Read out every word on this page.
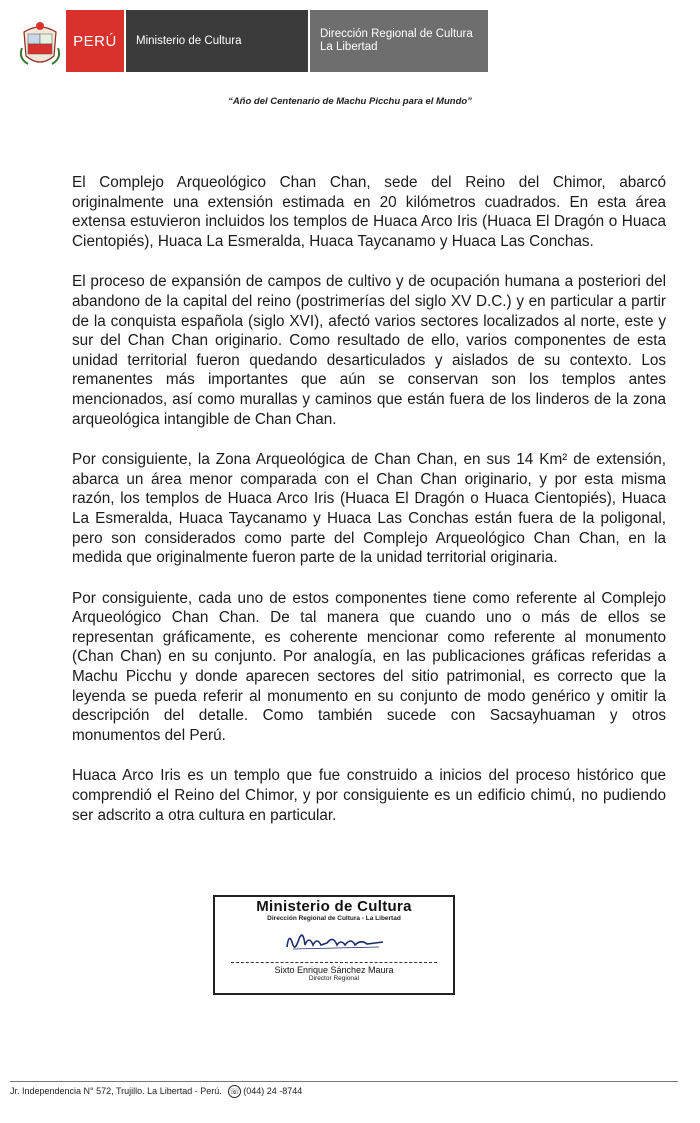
PERÚ Ministerio de Cultura
Dirección Regional de Cultura
La Libertad
“Año del Centenario de Machu Picchu para el Mundo”

El Complejo Arqueológico Chan Chan, sede del Reino del Chimor, abarcó originalmente una extensión estimada en 20 kilómetros cuadrados. En esta área extensa estuvieron incluidos los templos de Huaca Arco Iris (Huaca El Dragón o Huaca Cientopiés), Huaca La Esmeralda, Huaca Taycanamo y Huaca Las Conchas.

El proceso de expansión de campos de cultivo y de ocupación humana a posteriori del abandono de la capital del reino (postrimerías del siglo XV D.C.) y en particular a partir de la conquista española (siglo XVI), afectó varios sectores localizados al norte, este y sur del Chan Chan originario. Como resultado de ello, varios componentes de esta unidad territorial fueron quedando desarticulados y aislados de su contexto. Los remanentes más importantes que aún se conservan son los templos antes mencionados, así como murallas y caminos que están fuera de los linderos de la zona arqueológica intangible de Chan Chan.

Por consiguiente, la Zona Arqueológica de Chan Chan, en sus 14 Km² de extensión, abarca un área menor comparada con el Chan Chan originario, y por esta misma razón, los templos de Huaca Arco Iris (Huaca El Dragón o Huaca Cientopiés), Huaca La Esmeralda, Huaca Taycanamo y Huaca Las Conchas están fuera de la poligonal, pero son considerados como parte del Complejo Arqueológico Chan Chan, en la medida que originalmente fueron parte de la unidad territorial originaria.

Por consiguiente, cada uno de estos componentes tiene como referente al Complejo Arqueológico Chan Chan. De tal manera que cuando uno o más de ellos se representan gráficamente, es coherente mencionar como referente al monumento (Chan Chan) en su conjunto. Por analogía, en las publicaciones gráficas referidas a Machu Picchu y donde aparecen sectores del sitio patrimonial, es correcto que la leyenda se pueda referir al monumento en su conjunto de modo genérico y omitir la descripción del detalle. Como también sucede con Sacsayhuaman y otros monumentos del Perú.

Huaca Arco Iris es un templo que fue construido a inicios del proceso histórico que comprendió el Reino del Chimor, y por consiguiente es un edificio chimú, no pudiendo ser adscrito a otra cultura en particular.

Ministerio de Cultura
Dirección Regional de Cultura - La Libertad
Sixto Enrique Sánchez Maura
Director Regional
Jr. Independencia N° 572, Trujillo. La Libertad - Perú. ☏ (044) 24 -8744
